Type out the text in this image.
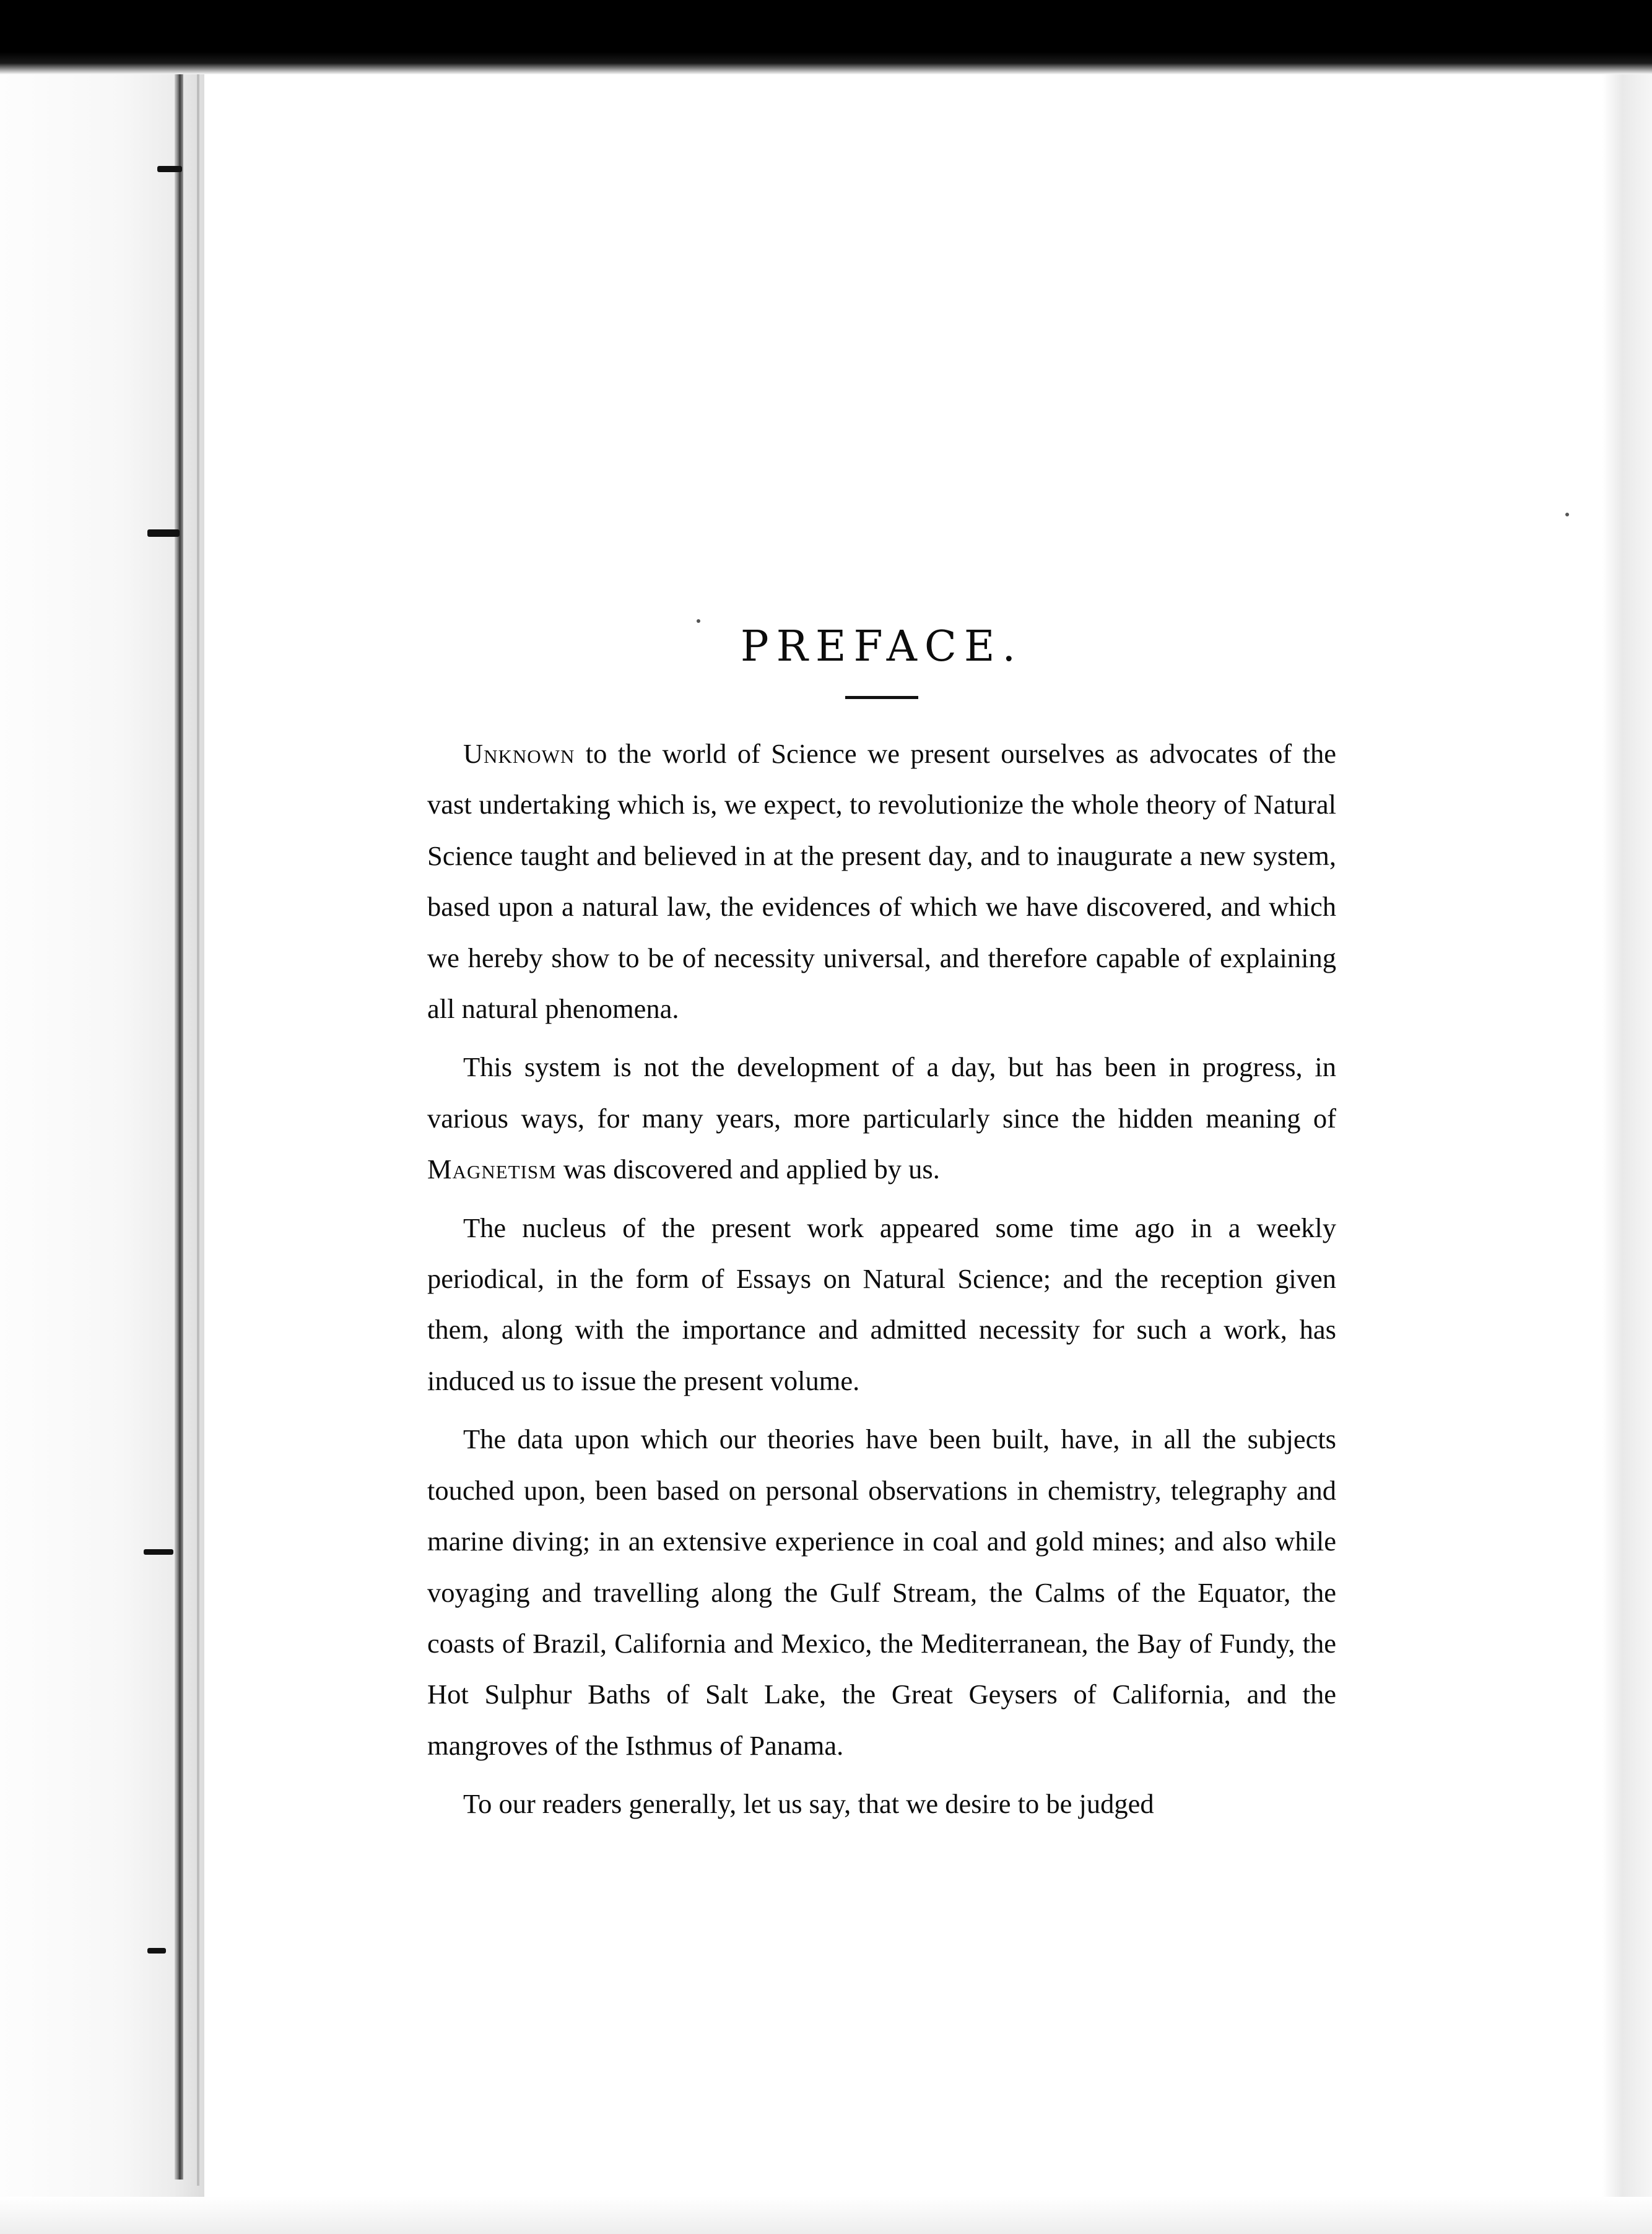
PREFACE.

Unknown to the world of Science we present ourselves as advocates of the vast undertaking which is, we expect, to revolutionize the whole theory of Natural Science taught and believed in at the present day, and to inaugurate a new system, based upon a natural law, the evidences of which we have discovered, and which we hereby show to be of necessity universal, and therefore capable of explaining all natural phenomena.

This system is not the development of a day, but has been in progress, in various ways, for many years, more particularly since the hidden meaning of Magnetism was discovered and applied by us.

The nucleus of the present work appeared some time ago in a weekly periodical, in the form of Essays on Natural Science; and the reception given them, along with the importance and admitted necessity for such a work, has induced us to issue the present volume.

The data upon which our theories have been built, have, in all the subjects touched upon, been based on personal observations in chemistry, telegraphy and marine diving; in an extensive experience in coal and gold mines; and also while voyaging and travelling along the Gulf Stream, the Calms of the Equator, the coasts of Brazil, California and Mexico, the Mediterranean, the Bay of Fundy, the Hot Sulphur Baths of Salt Lake, the Great Geysers of California, and the mangroves of the Isthmus of Panama.

To our readers generally, let us say, that we desire to be judged
